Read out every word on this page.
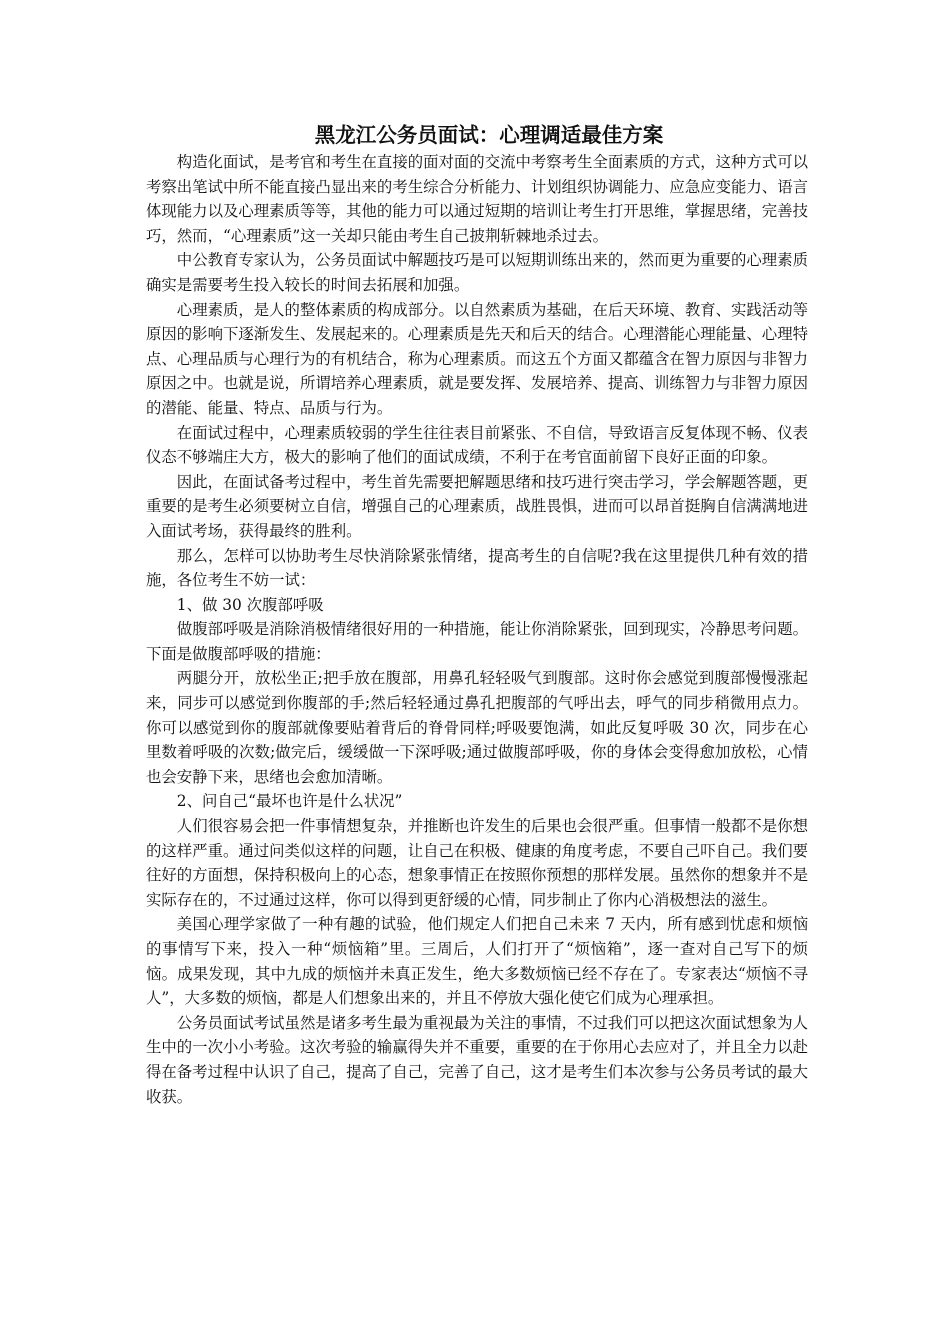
黑龙江公务员面试：心理调适最佳方案

构造化面试，是考官和考生在直接的面对面的交流中考察考生全面素质的方式，这种方式可以考察出笔试中所不能直接凸显出来的考生综合分析能力、计划组织协调能力、应急应变能力、语言体现能力以及心理素质等等，其他的能力可以通过短期的培训让考生打开思维，掌握思绪，完善技巧，然而，“心理素质”这一关却只能由考生自己披荆斩棘地杀过去。

中公教育专家认为，公务员面试中解题技巧是可以短期训练出来的，然而更为重要的心理素质确实是需要考生投入较长的时间去拓展和加强。

心理素质，是人的整体素质的构成部分。以自然素质为基础，在后天环境、教育、实践活动等原因的影响下逐渐发生、发展起来的。心理素质是先天和后天的结合。心理潜能心理能量、心理特点、心理品质与心理行为的有机结合，称为心理素质。而这五个方面又都蕴含在智力原因与非智力原因之中。也就是说，所谓培养心理素质，就是要发挥、发展培养、提高、训练智力与非智力原因的潜能、能量、特点、品质与行为。

在面试过程中，心理素质较弱的学生往往表目前紧张、不自信，导致语言反复体现不畅、仪表仪态不够端庄大方，极大的影响了他们的面试成绩，不利于在考官面前留下良好正面的印象。

因此，在面试备考过程中，考生首先需要把解题思绪和技巧进行突击学习，学会解题答题，更重要的是考生必须要树立自信，增强自己的心理素质，战胜畏惧，进而可以昂首挺胸自信满满地进入面试考场，获得最终的胜利。

那么，怎样可以协助考生尽快消除紧张情绪，提高考生的自信呢?我在这里提供几种有效的措施，各位考生不妨一试：

1、做 30 次腹部呼吸

做腹部呼吸是消除消极情绪很好用的一种措施，能让你消除紧张，回到现实，冷静思考问题。下面是做腹部呼吸的措施：

两腿分开，放松坐正;把手放在腹部，用鼻孔轻轻吸气到腹部。这时你会感觉到腹部慢慢涨起来，同步可以感觉到你腹部的手;然后轻轻通过鼻孔把腹部的气呼出去，呼气的同步稍微用点力。你可以感觉到你的腹部就像要贴着背后的脊骨同样;呼吸要饱满，如此反复呼吸 30 次，同步在心里数着呼吸的次数;做完后，缓缓做一下深呼吸;通过做腹部呼吸，你的身体会变得愈加放松，心情也会安静下来，思绪也会愈加清晰。

2、问自己“最坏也许是什么状况”

人们很容易会把一件事情想复杂，并推断也许发生的后果也会很严重。但事情一般都不是你想的这样严重。通过问类似这样的问题，让自己在积极、健康的角度考虑，不要自己吓自己。我们要往好的方面想，保持积极向上的心态，想象事情正在按照你预想的那样发展。虽然你的想象并不是实际存在的，不过通过这样，你可以得到更舒缓的心情，同步制止了你内心消极想法的滋生。

美国心理学家做了一种有趣的试验，他们规定人们把自己未来 7 天内，所有感到忧虑和烦恼的事情写下来，投入一种“烦恼箱”里。三周后，人们打开了“烦恼箱”，逐一查对自己写下的烦恼。成果发现，其中九成的烦恼并未真正发生，绝大多数烦恼已经不存在了。专家表达“烦恼不寻人”，大多数的烦恼，都是人们想象出来的，并且不停放大强化使它们成为心理承担。

公务员面试考试虽然是诸多考生最为重视最为关注的事情，不过我们可以把这次面试想象为人生中的一次小小考验。这次考验的输赢得失并不重要，重要的在于你用心去应对了，并且全力以赴得在备考过程中认识了自己，提高了自己，完善了自己，这才是考生们本次参与公务员考试的最大收获。
